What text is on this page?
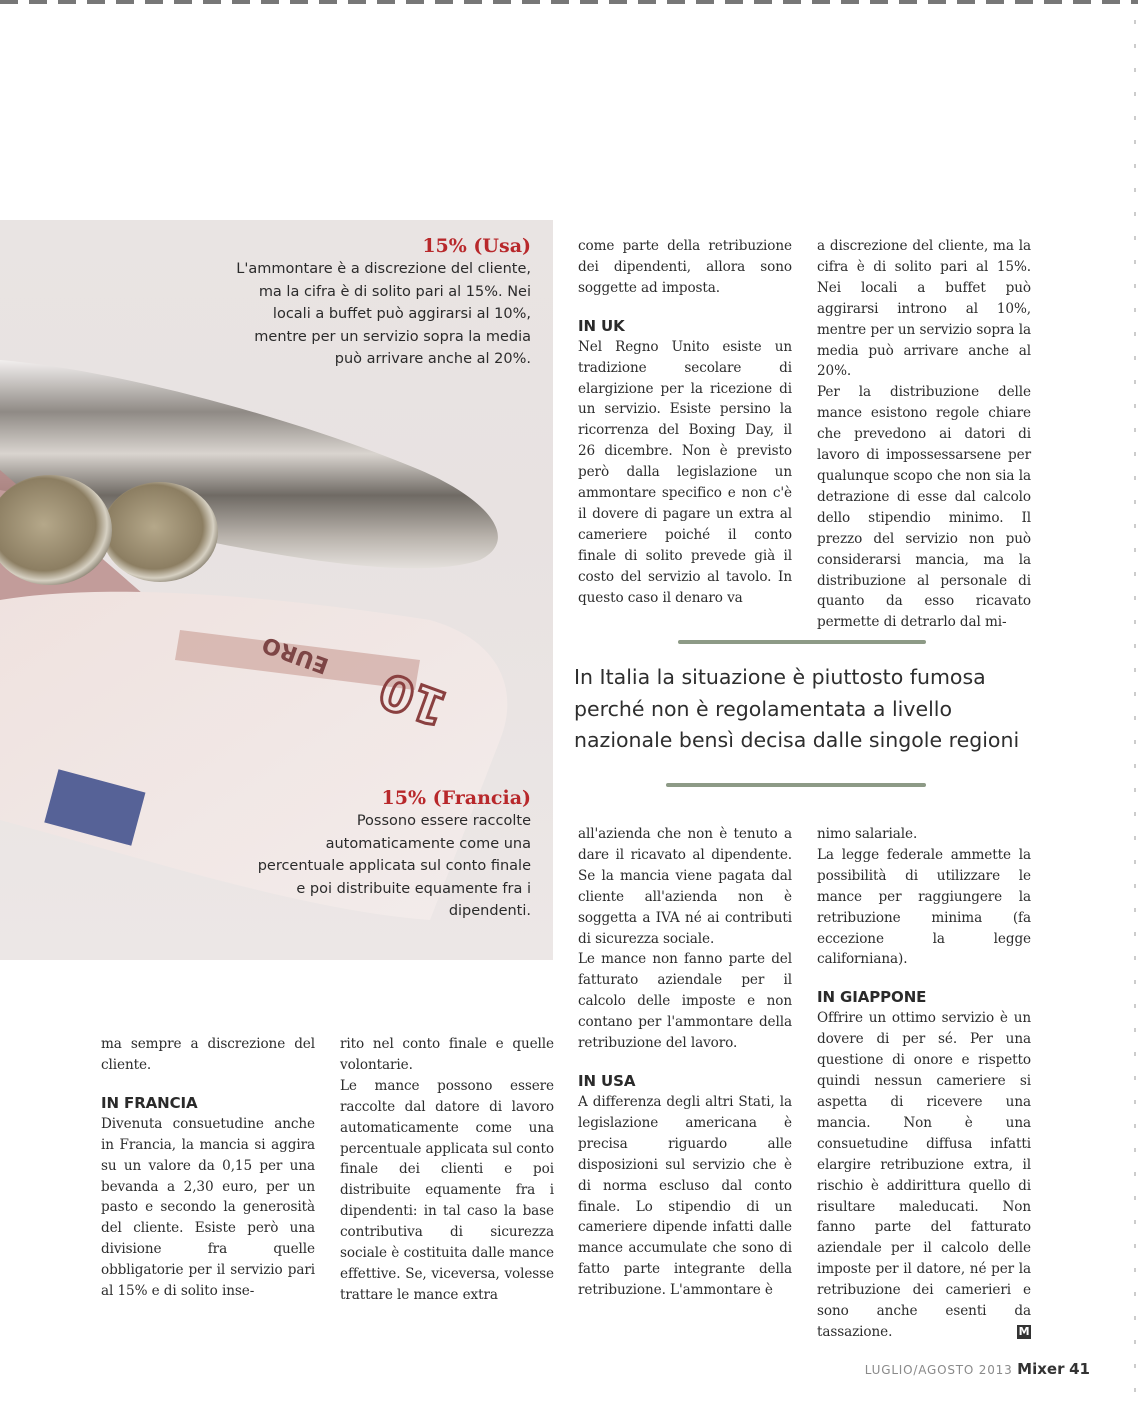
EURO
10
15% (Usa)
L'ammontare è a discrezione del cliente,
ma la cifra è di solito pari al 15%. Nei
locali a buffet può aggirarsi al 10%,
mentre per un servizio sopra la media
può arrivare anche al 20%.
15% (Francia)
Possono essere raccolte
automaticamente come una
percentuale applicata sul conto finale
e poi distribuite equamente fra i
dipendenti.

come parte della retribuzione dei dipendenti, allora sono soggette ad imposta.

IN UK

Nel Regno Unito esiste un tradizione secolare di elargizione per la ricezione di un servizio. Esiste persino la ricorrenza del Boxing Day, il 26 dicembre. Non è previsto però dalla legislazione un ammontare specifico e non c'è il dovere di pagare un extra al cameriere poiché il conto finale di solito prevede già il costo del servizio al tavolo. In questo caso il denaro va

a discrezione del cliente, ma la cifra è di solito pari al 15%. Nei locali a buffet può aggirarsi introno al 10%, mentre per un servizio sopra la media può arrivare anche al 20%.

Per la distribuzione delle mance esistono regole chiare che prevedono ai datori di lavoro di impossessarsene per qualunque scopo che non sia la detrazione di esse dal calcolo dello stipendio minimo. Il prezzo del servizio non può considerarsi mancia, ma la distribuzione al personale di quanto da esso ricavato permette di detrarlo dal mi-

In Italia la situazione è piuttosto fumosa
perché non è regolamentata a livello
nazionale bensì decisa dalle singole regioni

ma sempre a discrezione del cliente.

IN FRANCIA

Divenuta consuetudine anche in Francia, la mancia si aggira su un valore da 0,15 per una bevanda a 2,30 euro, per un pasto e secondo la generosità del cliente. Esiste però una divisione fra quelle obbligatorie per il servizio pari al 15% e di solito inse-

rito nel conto finale e quelle volontarie.

Le mance possono essere raccolte dal datore di lavoro automaticamente come una percentuale applicata sul conto finale dei clienti e poi distribuite equamente fra i dipendenti: in tal caso la base contributiva di sicurezza sociale è costituita dalle mance effettive. Se, viceversa, volesse trattare le mance extra

all'azienda che non è tenuto a dare il ricavato al dipendente. Se la mancia viene pagata dal cliente all'azienda non è soggetta a IVA né ai contributi di sicurezza sociale.

Le mance non fanno parte del fatturato aziendale per il calcolo delle imposte e non contano per l'ammontare della retribuzione del lavoro.

IN USA

A differenza degli altri Stati, la legislazione americana è precisa riguardo alle disposizioni sul servizio che è di norma escluso dal conto finale. Lo stipendio di un cameriere dipende infatti dalle mance accumulate che sono di fatto parte integrante della retribuzione. L'ammontare è

nimo salariale.

La legge federale ammette la possibilità di utilizzare le mance per raggiungere la retribuzione minima (fa eccezione la legge californiana).

IN GIAPPONE

Offrire un ottimo servizio è un dovere di per sé. Per una questione di onore e rispetto quindi nessun cameriere si aspetta di ricevere una mancia. Non è una consuetudine diffusa infatti elargire retribuzione extra, il rischio è addirittura quello di risultare maleducati. Non fanno parte del fatturato aziendale per il calcolo delle imposte per il datore, né per la retribuzione dei camerieri e sono anche esenti da tassazione.	M

LUGLIO/AGOSTO 2013 Mixer 41
